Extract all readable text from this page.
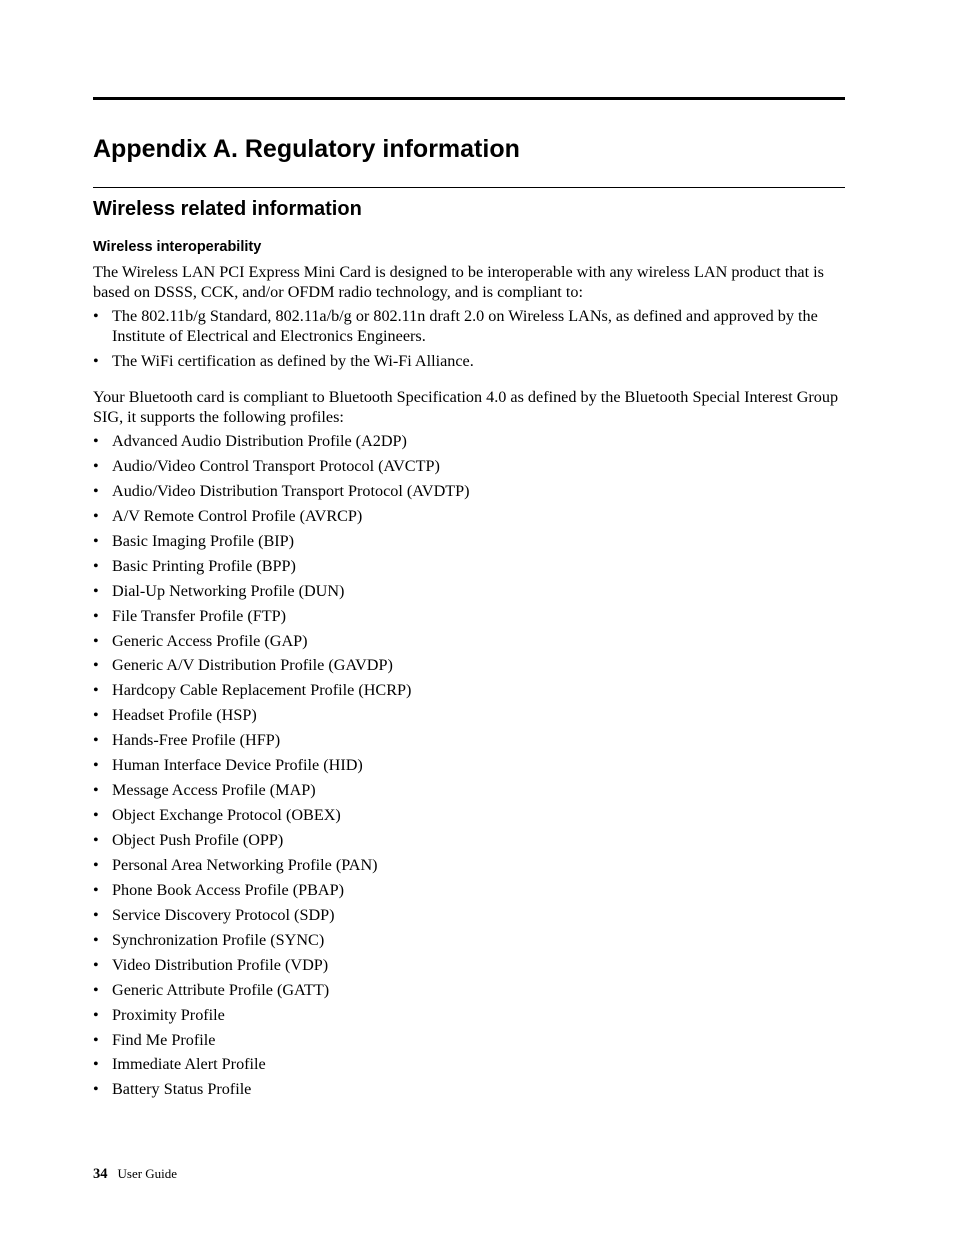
Appendix A. Regulatory information
Wireless related information
Wireless interoperability

The Wireless LAN PCI Express Mini Card is designed to be interoperable with any wireless LAN product that is based on DSSS, CCK, and/or OFDM radio technology, and is compliant to:

• The 802.11b/g Standard, 802.11a/b/g or 802.11n draft 2.0 on Wireless LANs, as defined and approved by the Institute of Electrical and Electronics Engineers.
• The WiFi certification as defined by the Wi-Fi Alliance.

Your Bluetooth card is compliant to Bluetooth Specification 4.0 as defined by the Bluetooth Special Interest Group SIG, it supports the following profiles:

• Advanced Audio Distribution Profile (A2DP)
• Audio/Video Control Transport Protocol (AVCTP)
• Audio/Video Distribution Transport Protocol (AVDTP)
• A/V Remote Control Profile (AVRCP)
• Basic Imaging Profile (BIP)
• Basic Printing Profile (BPP)
• Dial-Up Networking Profile (DUN)
• File Transfer Profile (FTP)
• Generic Access Profile (GAP)
• Generic A/V Distribution Profile (GAVDP)
• Hardcopy Cable Replacement Profile (HCRP)
• Headset Profile (HSP)
• Hands-Free Profile (HFP)
• Human Interface Device Profile (HID)
• Message Access Profile (MAP)
• Object Exchange Protocol (OBEX)
• Object Push Profile (OPP)
• Personal Area Networking Profile (PAN)
• Phone Book Access Profile (PBAP)
• Service Discovery Protocol (SDP)
• Synchronization Profile (SYNC)
• Video Distribution Profile (VDP)
• Generic Attribute Profile (GATT)
• Proximity Profile
• Find Me Profile
• Immediate Alert Profile
• Battery Status Profile
34 User Guide
